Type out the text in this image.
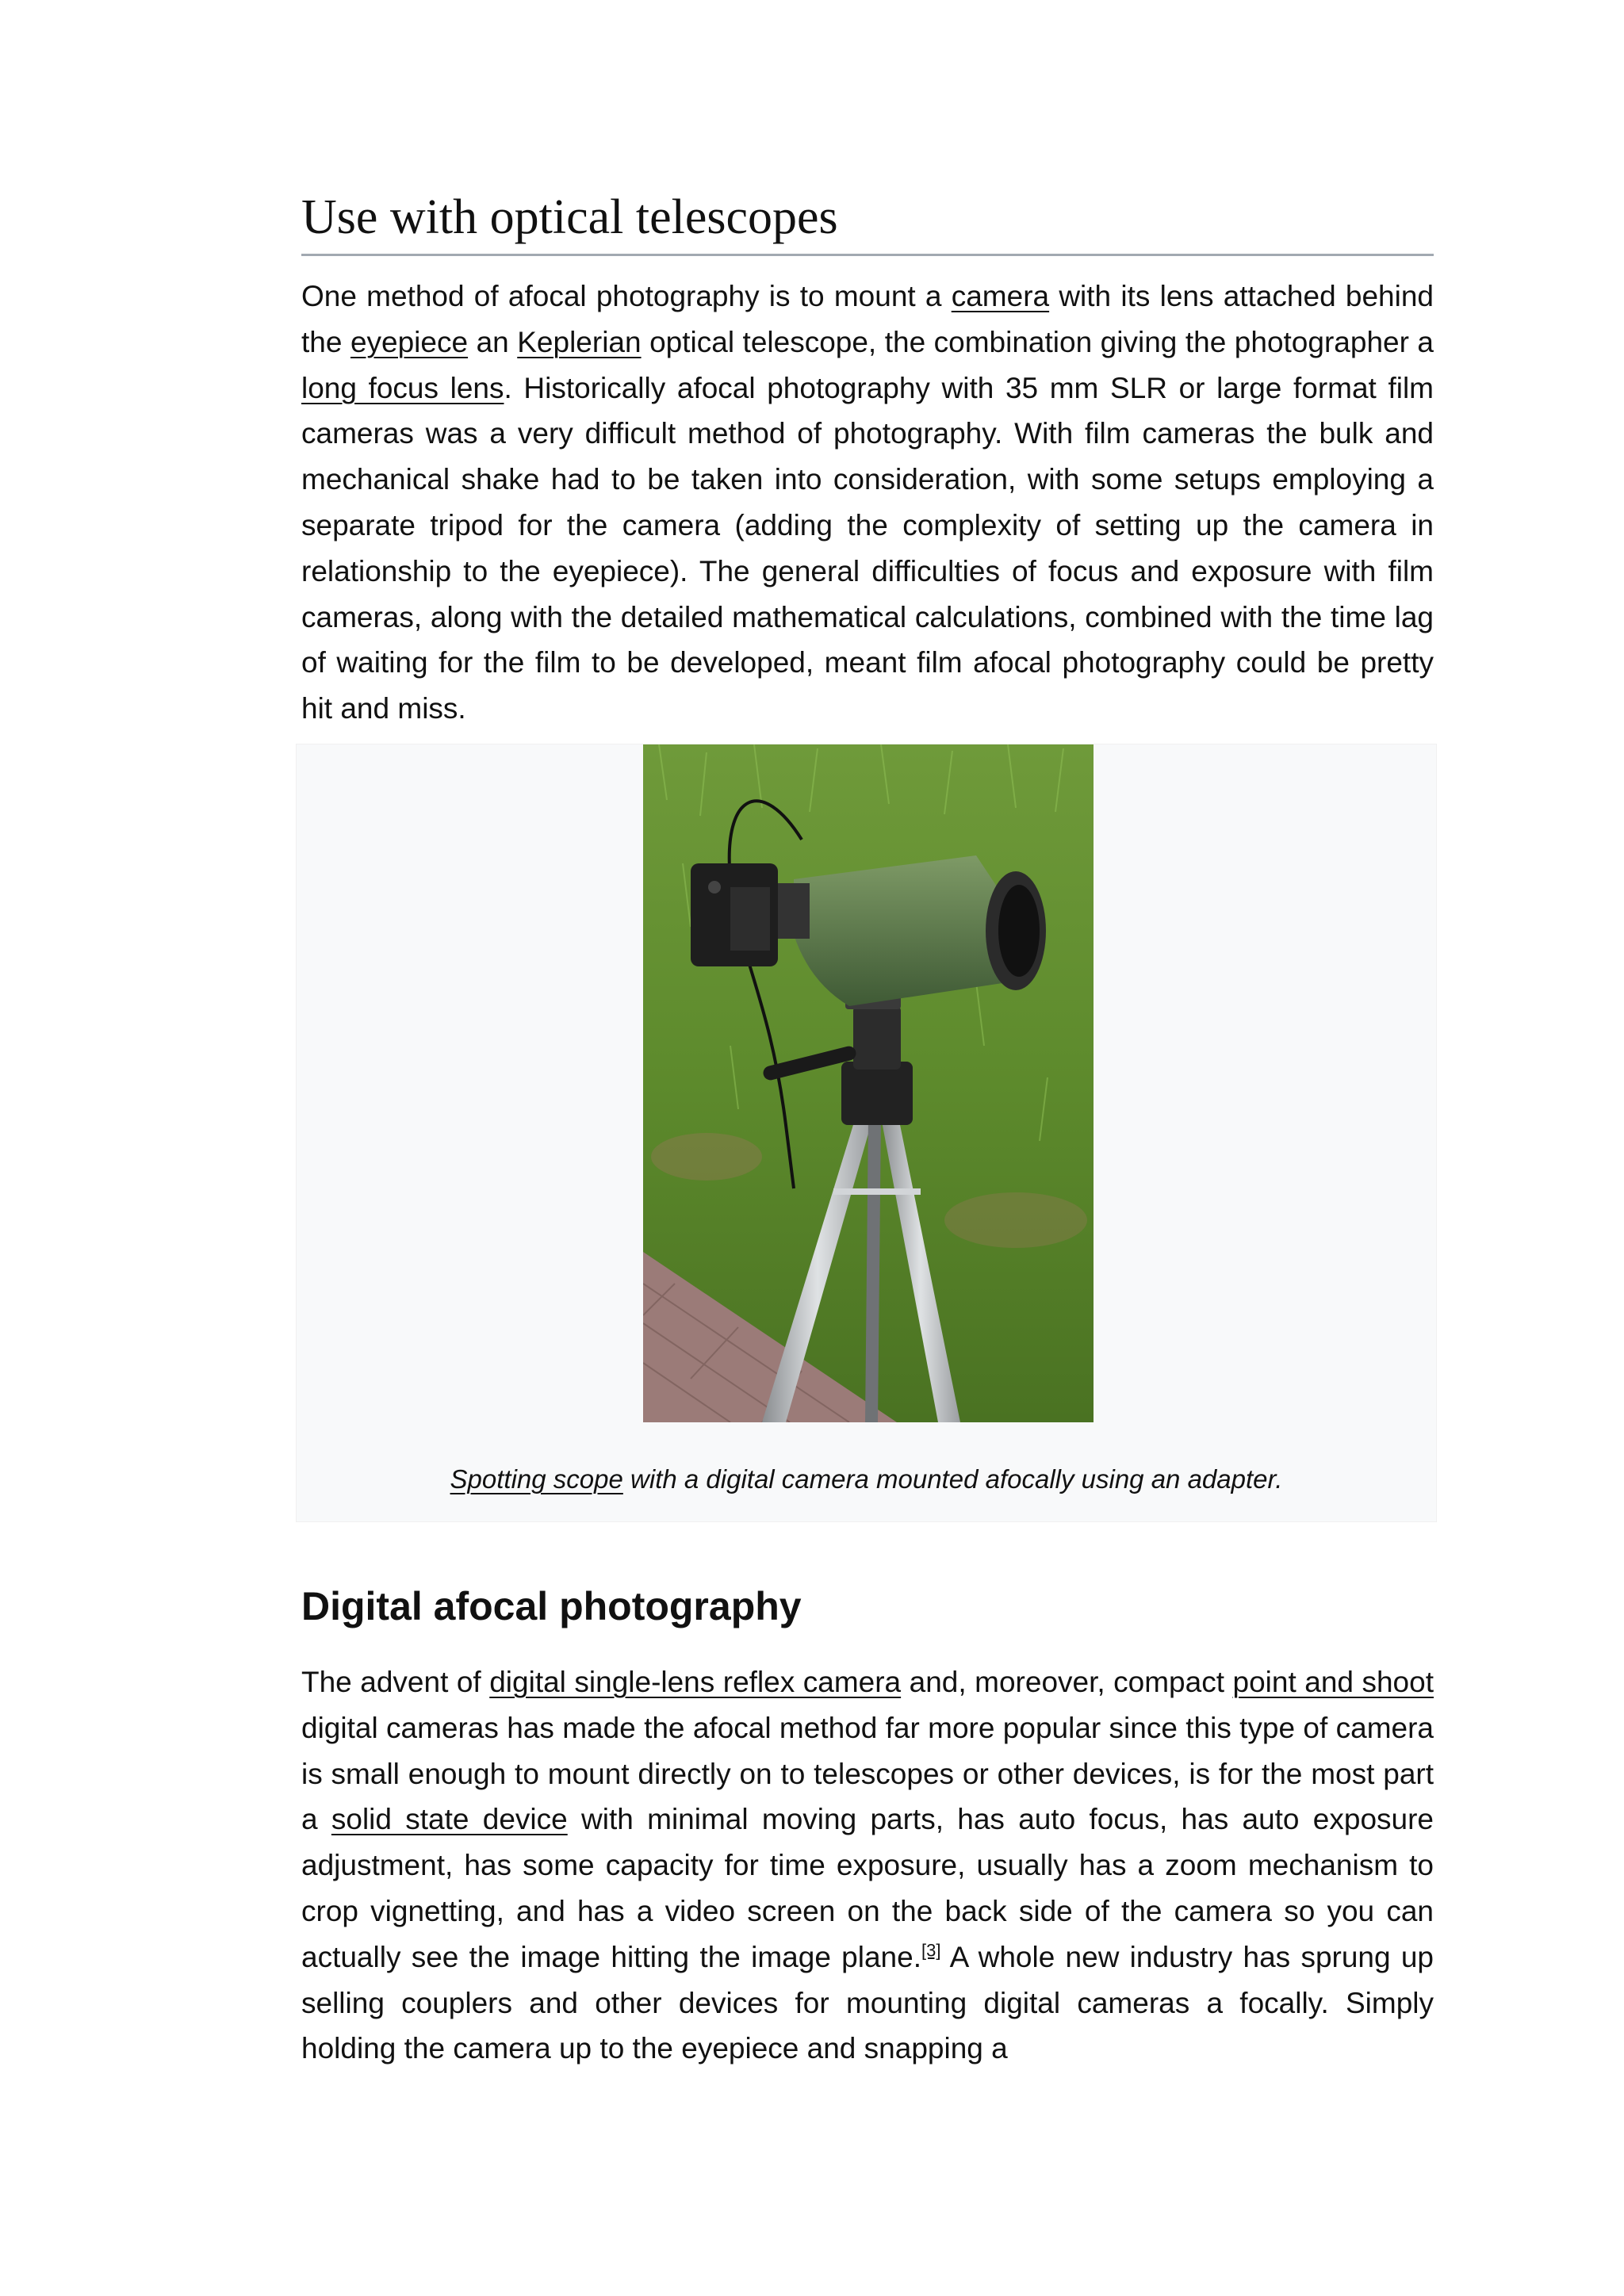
Use with optical telescopes

One method of afocal photography is to mount a camera with its lens attached behind the eyepiece an Keplerian optical telescope, the combination giving the photographer a long focus lens. Historically afocal photography with 35 mm SLR or large format film cameras was a very difficult method of photography. With film cameras the bulk and mechanical shake had to be taken into consideration, with some setups employing a separate tripod for the camera (adding the complexity of setting up the camera in relationship to the eyepiece). The general difficulties of focus and exposure with film cameras, along with the detailed mathematical calculations, combined with the time lag of waiting for the film to be developed, meant film afocal photography could be pretty hit and miss.

Spotting scope with a digital camera mounted afocally using an adapter.
Digital afocal photography

The advent of digital single-lens reflex camera and, moreover, compact point and shoot digital cameras has made the afocal method far more popular since this type of camera is small enough to mount directly on to telescopes or other devices, is for the most part a solid state device with minimal moving parts, has auto focus, has auto exposure adjustment, has some capacity for time exposure, usually has a zoom mechanism to crop vignetting, and has a video screen on the back side of the camera so you can actually see the image hitting the image plane.[3] A whole new industry has sprung up selling couplers and other devices for mounting digital cameras a focally. Simply holding the camera up to the eyepiece and snapping a
